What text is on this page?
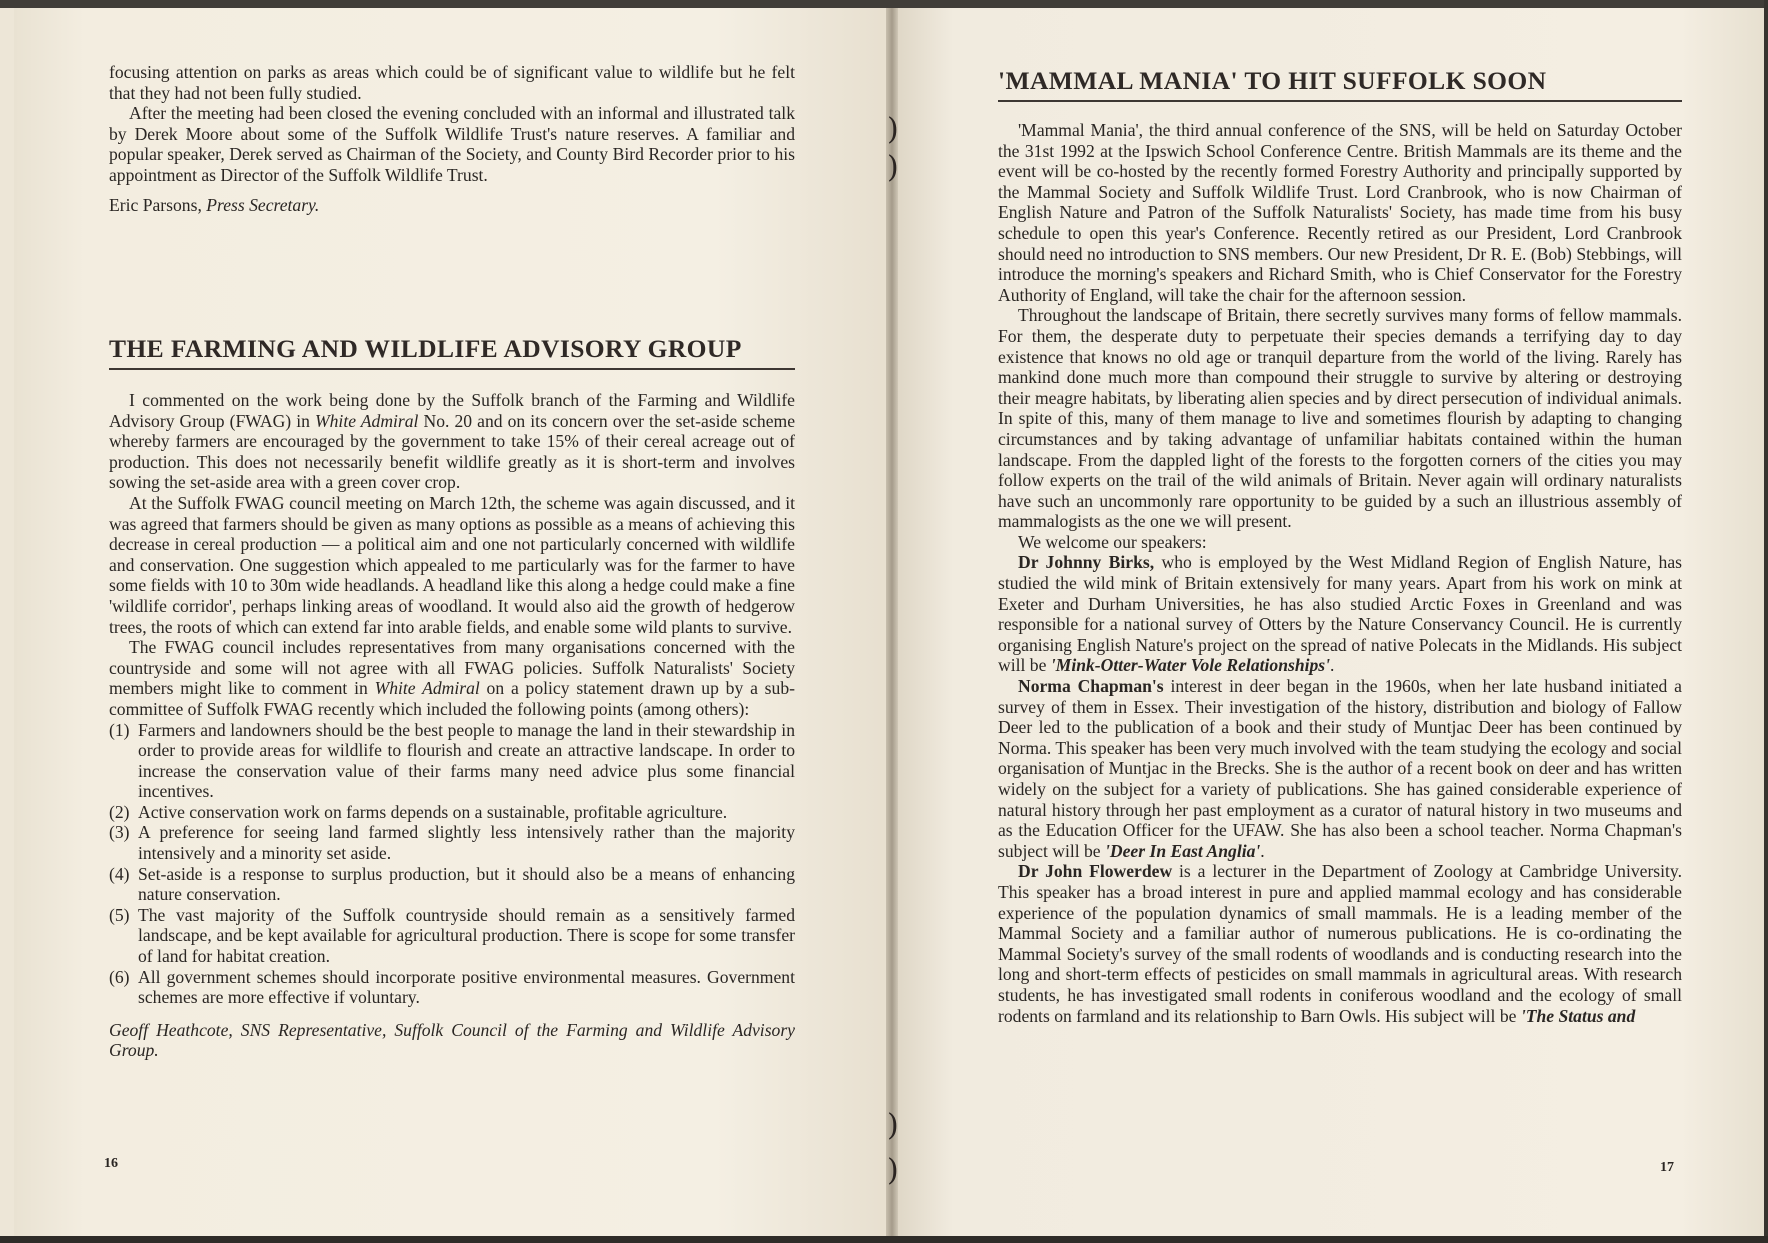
)
)
)
)

focusing attention on parks as areas which could be of significant value to wildlife but he felt that they had not been fully studied.

After the meeting had been closed the evening concluded with an informal and illustrated talk by Derek Moore about some of the Suffolk Wildlife Trust's nature reserves. A familiar and popular speaker, Derek served as Chairman of the Society, and County Bird Recorder prior to his appointment as Director of the Suffolk Wildlife Trust.

Eric Parsons, Press Secretary.

THE FARMING AND WILDLIFE ADVISORY GROUP

I commented on the work being done by the Suffolk branch of the Farming and Wildlife Advisory Group (FWAG) in White Admiral No. 20 and on its concern over the set-aside scheme whereby farmers are encouraged by the government to take 15% of their cereal acreage out of production. This does not necessarily benefit wildlife greatly as it is short-term and involves sowing the set-aside area with a green cover crop.

At the Suffolk FWAG council meeting on March 12th, the scheme was again discussed, and it was agreed that farmers should be given as many options as possible as a means of achieving this decrease in cereal production — a political aim and one not particularly concerned with wildlife and conservation. One suggestion which appealed to me particularly was for the farmer to have some fields with 10 to 30m wide headlands. A headland like this along a hedge could make a fine 'wildlife corridor', perhaps linking areas of woodland. It would also aid the growth of hedgerow trees, the roots of which can extend far into arable fields, and enable some wild plants to survive.

The FWAG council includes representatives from many organisations concerned with the countryside and some will not agree with all FWAG policies. Suffolk Naturalists' Society members might like to comment in White Admiral on a policy statement drawn up by a sub-committee of Suffolk FWAG recently which included the following points (among others):

(1) Farmers and landowners should be the best people to manage the land in their stewardship in order to provide areas for wildlife to flourish and create an attractive landscape. In order to increase the conservation value of their farms many need advice plus some financial incentives.
(2) Active conservation work on farms depends on a sustainable, profitable agriculture.
(3) A preference for seeing land farmed slightly less intensively rather than the majority intensively and a minority set aside.
(4) Set-aside is a response to surplus production, but it should also be a means of enhancing nature conservation.
(5) The vast majority of the Suffolk countryside should remain as a sensitively farmed landscape, and be kept available for agricultural production. There is scope for some transfer of land for habitat creation.
(6) All government schemes should incorporate positive environmental measures. Government schemes are more effective if voluntary.

Geoff Heathcote, SNS Representative, Suffolk Council of the Farming and Wildlife Advisory Group.

16
'MAMMAL MANIA' TO HIT SUFFOLK SOON

'Mammal Mania', the third annual conference of the SNS, will be held on Saturday October the 31st 1992 at the Ipswich School Conference Centre. British Mammals are its theme and the event will be co-hosted by the recently formed Forestry Authority and principally supported by the Mammal Society and Suffolk Wildlife Trust. Lord Cranbrook, who is now Chairman of English Nature and Patron of the Suffolk Naturalists' Society, has made time from his busy schedule to open this year's Conference. Recently retired as our President, Lord Cranbrook should need no introduction to SNS members. Our new President, Dr R. E. (Bob) Stebbings, will introduce the morning's speakers and Richard Smith, who is Chief Conservator for the Forestry Authority of England, will take the chair for the afternoon session.

Throughout the landscape of Britain, there secretly survives many forms of fellow mammals. For them, the desperate duty to perpetuate their species demands a terrifying day to day existence that knows no old age or tranquil departure from the world of the living. Rarely has mankind done much more than compound their struggle to survive by altering or destroying their meagre habitats, by liberating alien species and by direct persecution of individual animals. In spite of this, many of them manage to live and sometimes flourish by adapting to changing circumstances and by taking advantage of unfamiliar habitats contained within the human landscape. From the dappled light of the forests to the forgotten corners of the cities you may follow experts on the trail of the wild animals of Britain. Never again will ordinary naturalists have such an uncommonly rare opportunity to be guided by a such an illustrious assembly of mammalogists as the one we will present.

We welcome our speakers:

Dr Johnny Birks, who is employed by the West Midland Region of English Nature, has studied the wild mink of Britain extensively for many years. Apart from his work on mink at Exeter and Durham Universities, he has also studied Arctic Foxes in Greenland and was responsible for a national survey of Otters by the Nature Conservancy Council. He is currently organising English Nature's project on the spread of native Polecats in the Midlands. His subject will be 'Mink-Otter-Water Vole Relationships'.

Norma Chapman's interest in deer began in the 1960s, when her late husband initiated a survey of them in Essex. Their investigation of the history, distribution and biology of Fallow Deer led to the publication of a book and their study of Muntjac Deer has been continued by Norma. This speaker has been very much involved with the team studying the ecology and social organisation of Muntjac in the Brecks. She is the author of a recent book on deer and has written widely on the subject for a variety of publications. She has gained considerable experience of natural history through her past employment as a curator of natural history in two museums and as the Education Officer for the UFAW. She has also been a school teacher. Norma Chapman's subject will be 'Deer In East Anglia'.

Dr John Flowerdew is a lecturer in the Department of Zoology at Cambridge University. This speaker has a broad interest in pure and applied mammal ecology and has considerable experience of the population dynamics of small mammals. He is a leading member of the Mammal Society and a familiar author of numerous publications. He is co-ordinating the Mammal Society's survey of the small rodents of woodlands and is conducting research into the long and short-term effects of pesticides on small mammals in agricultural areas. With research students, he has investigated small rodents in coniferous woodland and the ecology of small rodents on farmland and its relationship to Barn Owls. His subject will be 'The Status and

17
